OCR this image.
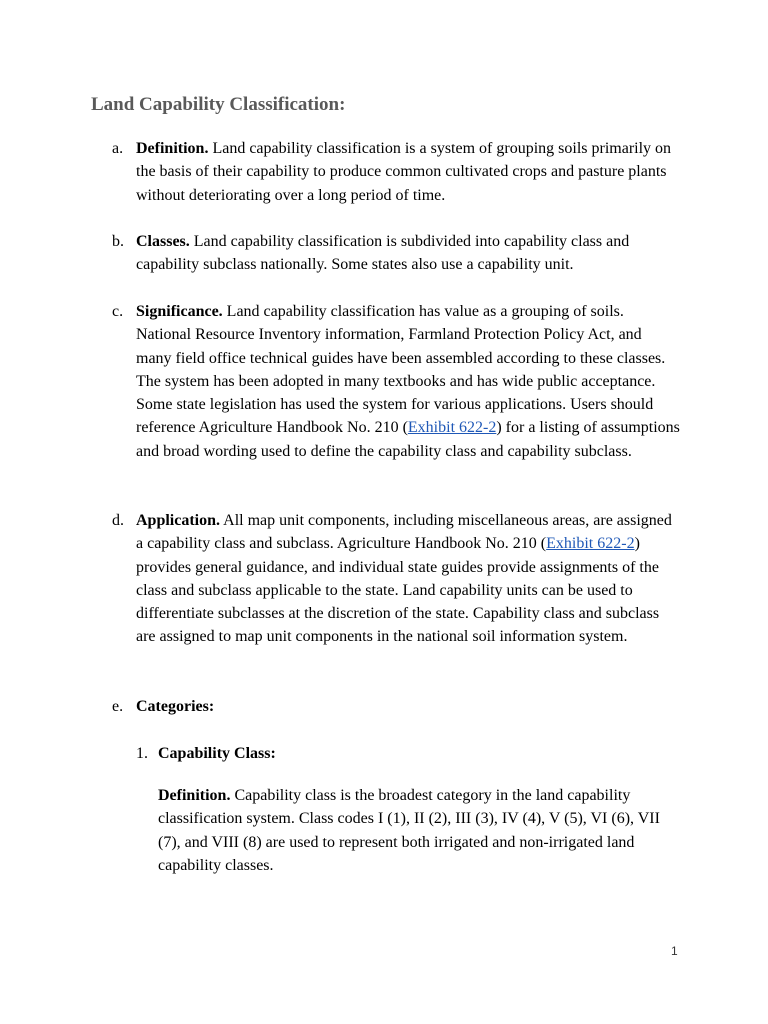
Land Capability Classification:
a. Definition. Land capability classification is a system of grouping soils primarily on the basis of their capability to produce common cultivated crops and pasture plants without deteriorating over a long period of time.
b. Classes. Land capability classification is subdivided into capability class and capability subclass nationally. Some states also use a capability unit.
c. Significance. Land capability classification has value as a grouping of soils. National Resource Inventory information, Farmland Protection Policy Act, and many field office technical guides have been assembled according to these classes. The system has been adopted in many textbooks and has wide public acceptance. Some state legislation has used the system for various applications. Users should reference Agriculture Handbook No. 210 (Exhibit 622-2) for a listing of assumptions and broad wording used to define the capability class and capability subclass.
d. Application. All map unit components, including miscellaneous areas, are assigned a capability class and subclass. Agriculture Handbook No. 210 (Exhibit 622-2) provides general guidance, and individual state guides provide assignments of the class and subclass applicable to the state. Land capability units can be used to differentiate subclasses at the discretion of the state. Capability class and subclass are assigned to map unit components in the national soil information system.
e. Categories:
1. Capability Class:
Definition. Capability class is the broadest category in the land capability classification system. Class codes I (1), II (2), III (3), IV (4), V (5), VI (6), VII (7), and VIII (8) are used to represent both irrigated and non-irrigated land capability classes.
1
